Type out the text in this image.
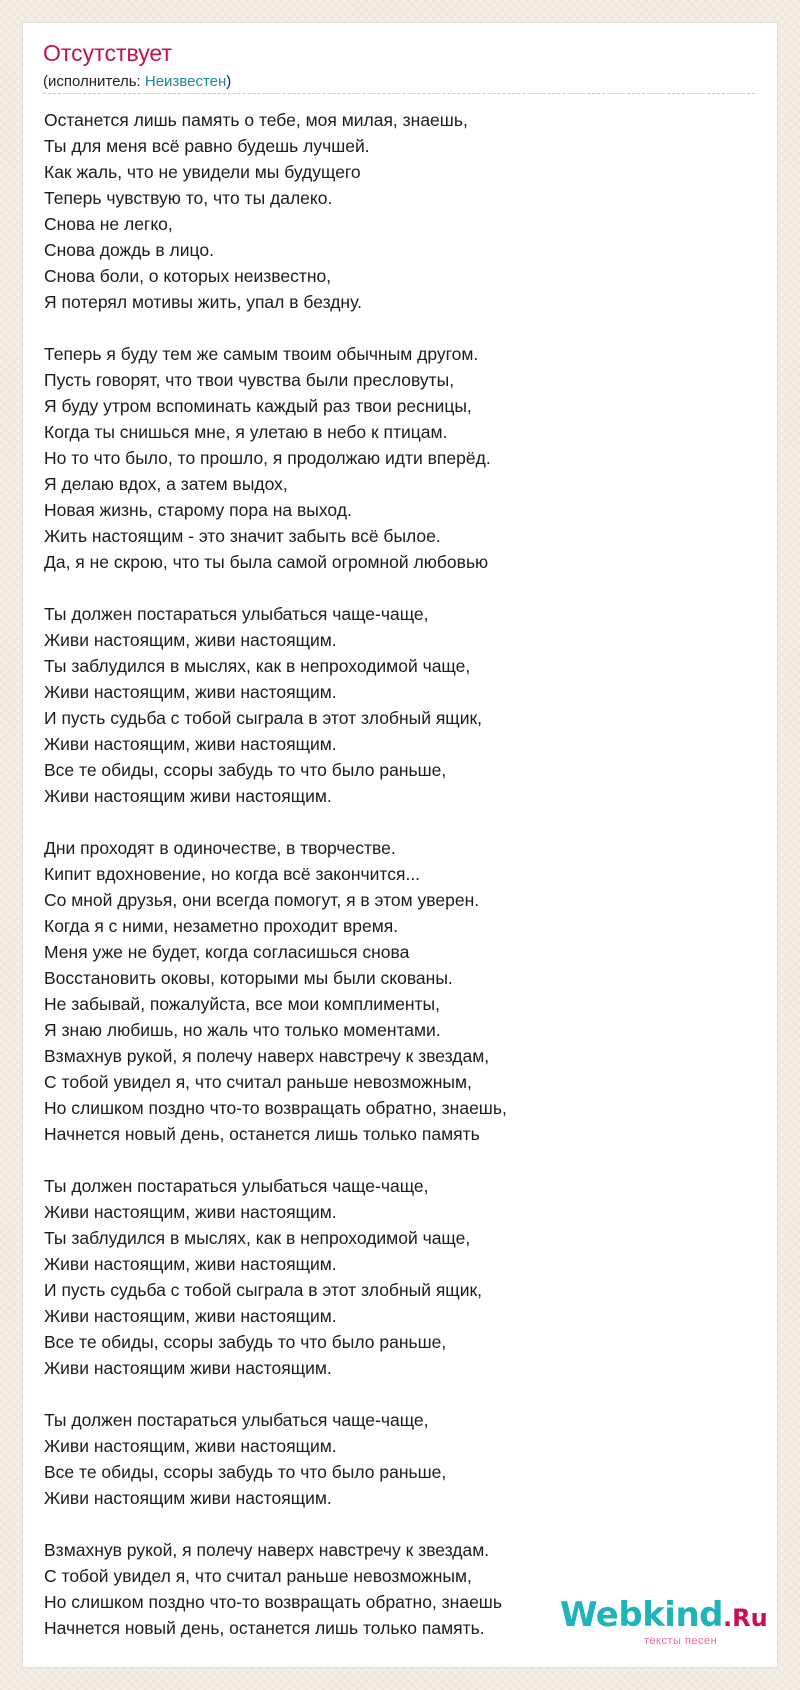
Отсутствует
(исполнитель: Неизвестен)
Останется лишь память о тебе, моя милая, знаешь,
Ты для меня всё равно будешь лучшей.
Как жаль, что не увидели мы будущего
Теперь чувствую то, что ты далеко.
Снова не легко,
Снова дождь в лицо.
Снова боли, о которых неизвестно,
Я потерял мотивы жить, упал в бездну.
Теперь я буду тем же самым твоим обычным другом.
Пусть говорят, что твои чувства были пресловуты,
Я буду утром вспоминать каждый раз твои ресницы,
Когда ты снишься мне, я улетаю в небо к птицам.
Но то что было, то прошло, я продолжаю идти вперёд.
Я делаю вдох, а затем выдох,
Новая жизнь, старому пора на выход.
Жить настоящим - это значит забыть всё былое.
Да, я не скрою, что ты была самой огромной любовью
Ты должен постараться улыбаться чаще-чаще,
Живи настоящим, живи настоящим.
Ты заблудился в мыслях, как в непроходимой чаще,
Живи настоящим, живи настоящим.
И пусть судьба с тобой сыграла в этот злобный ящик,
Живи настоящим, живи настоящим.
Все те обиды, ссоры забудь то что было раньше,
Живи настоящим живи настоящим.
Дни проходят в одиночестве, в творчестве.
Кипит вдохновение, но когда всё закончится...
Со мной друзья, они всегда помогут, я в этом уверен.
Когда я с ними, незаметно проходит время.
Меня уже не будет, когда согласишься снова
Восстановить оковы, которыми мы были скованы.
Не забывай, пожалуйста, все мои комплименты,
Я знаю любишь, но жаль что только моментами.
Взмахнув рукой, я полечу наверх навстречу к звездам,
С тобой увидел я, что считал раньше невозможным,
Но слишком поздно что-то возвращать обратно, знаешь,
Начнется новый день, останется лишь только память
Ты должен постараться улыбаться чаще-чаще,
Живи настоящим, живи настоящим.
Ты заблудился в мыслях, как в непроходимой чаще,
Живи настоящим, живи настоящим.
И пусть судьба с тобой сыграла в этот злобный ящик,
Живи настоящим, живи настоящим.
Все те обиды, ссоры забудь то что было раньше,
Живи настоящим живи настоящим.
Ты должен постараться улыбаться чаще-чаще,
Живи настоящим, живи настоящим.
Все те обиды, ссоры забудь то что было раньше,
Живи настоящим живи настоящим.
Взмахнув рукой, я полечу наверх навстречу к звездам.
С тобой увидел я, что считал раньше невозможным,
Но слишком поздно что-то возвращать обратно, знаешь
Начнется новый день, останется лишь только память.	Webkind.Ru
тексты песен
